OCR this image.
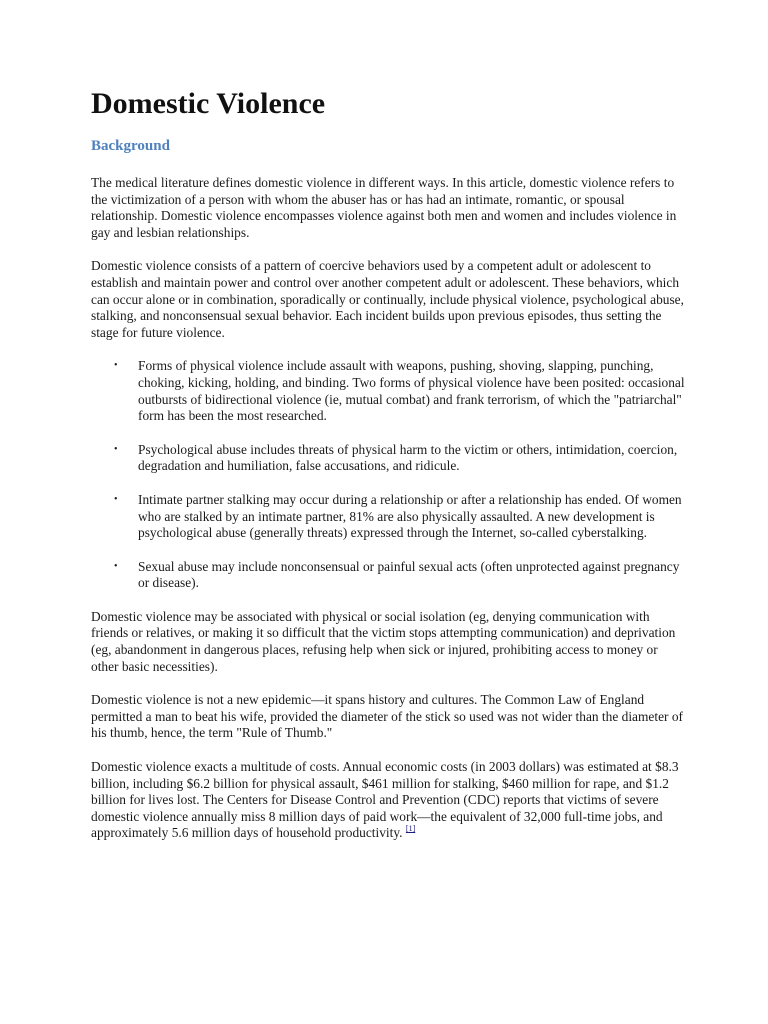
Domestic Violence
Background

The medical literature defines domestic violence in different ways. In this article, domestic violence refers to the victimization of a person with whom the abuser has or has had an intimate, romantic, or spousal relationship. Domestic violence encompasses violence against both men and women and includes violence in gay and lesbian relationships.

Domestic violence consists of a pattern of coercive behaviors used by a competent adult or adolescent to establish and maintain power and control over another competent adult or adolescent. These behaviors, which can occur alone or in combination, sporadically or continually, include physical violence, psychological abuse, stalking, and nonconsensual sexual behavior. Each incident builds upon previous episodes, thus setting the stage for future violence.

• Forms of physical violence include assault with weapons, pushing, shoving, slapping, punching, choking, kicking, holding, and binding. Two forms of physical violence have been posited: occasional outbursts of bidirectional violence (ie, mutual combat) and frank terrorism, of which the "patriarchal" form has been the most researched.
• Psychological abuse includes threats of physical harm to the victim or others, intimidation, coercion, degradation and humiliation, false accusations, and ridicule.
• Intimate partner stalking may occur during a relationship or after a relationship has ended. Of women who are stalked by an intimate partner, 81% are also physically assaulted. A new development is psychological abuse (generally threats) expressed through the Internet, so-called cyberstalking.
• Sexual abuse may include nonconsensual or painful sexual acts (often unprotected against pregnancy or disease).

Domestic violence may be associated with physical or social isolation (eg, denying communication with friends or relatives, or making it so difficult that the victim stops attempting communication) and deprivation (eg, abandonment in dangerous places, refusing help when sick or injured, prohibiting access to money or other basic necessities).

Domestic violence is not a new epidemic—it spans history and cultures. The Common Law of England permitted a man to beat his wife, provided the diameter of the stick so used was not wider than the diameter of his thumb, hence, the term "Rule of Thumb."

Domestic violence exacts a multitude of costs. Annual economic costs (in 2003 dollars) was estimated at $8.3 billion, including $6.2 billion for physical assault, $461 million for stalking, $460 million for rape, and $1.2 billion for lives lost. The Centers for Disease Control and Prevention (CDC) reports that victims of severe domestic violence annually miss 8 million days of paid work—the equivalent of 32,000 full-time jobs, and approximately 5.6 million days of household productivity. [1]
